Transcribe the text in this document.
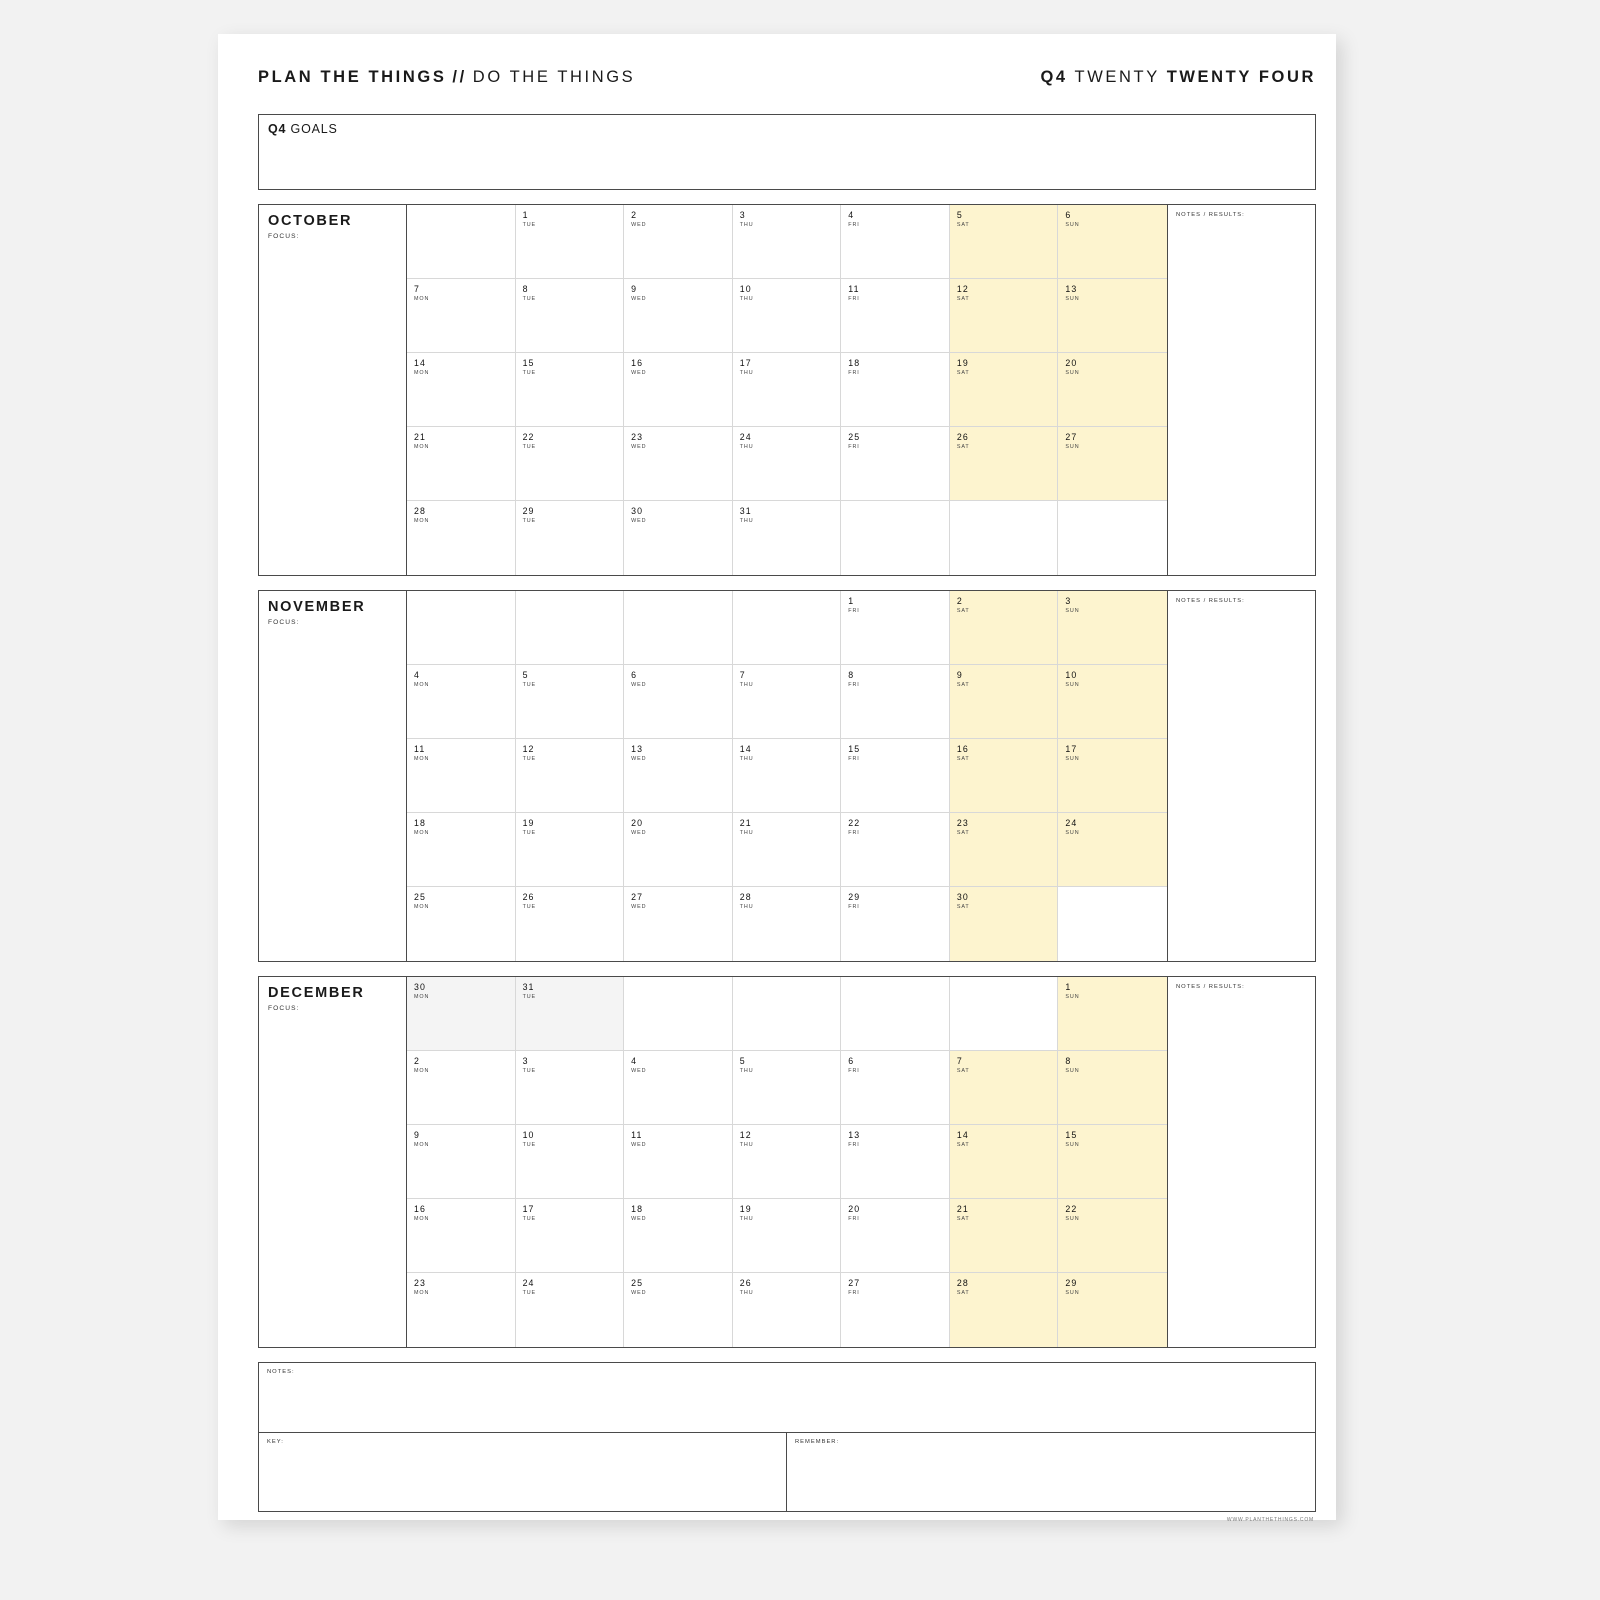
PLAN THE THINGS // DO THE THINGS	Q4 TWENTY TWENTY FOUR
Q4 GOALS
OCTOBER
FOCUS:
1
TUE
2
WED
3
THU
4
FRI
5
SAT
6
SUN
7
MON
8
TUE
9
WED
10
THU
11
FRI
12
SAT
13
SUN
14
MON
15
TUE
16
WED
17
THU
18
FRI
19
SAT
20
SUN
21
MON
22
TUE
23
WED
24
THU
25
FRI
26
SAT
27
SUN
28
MON
29
TUE
30
WED
31
THU
NOTES / RESULTS:
NOVEMBER
FOCUS:
1
FRI
2
SAT
3
SUN
4
MON
5
TUE
6
WED
7
THU
8
FRI
9
SAT
10
SUN
11
MON
12
TUE
13
WED
14
THU
15
FRI
16
SAT
17
SUN
18
MON
19
TUE
20
WED
21
THU
22
FRI
23
SAT
24
SUN
25
MON
26
TUE
27
WED
28
THU
29
FRI
30
SAT
NOTES / RESULTS:
DECEMBER
FOCUS:
30
MON
31
TUE
1
SUN
2
MON
3
TUE
4
WED
5
THU
6
FRI
7
SAT
8
SUN
9
MON
10
TUE
11
WED
12
THU
13
FRI
14
SAT
15
SUN
16
MON
17
TUE
18
WED
19
THU
20
FRI
21
SAT
22
SUN
23
MON
24
TUE
25
WED
26
THU
27
FRI
28
SAT
29
SUN
NOTES / RESULTS:
NOTES:
KEY:	REMEMBER:
WWW.PLANTHETHINGS.COM
